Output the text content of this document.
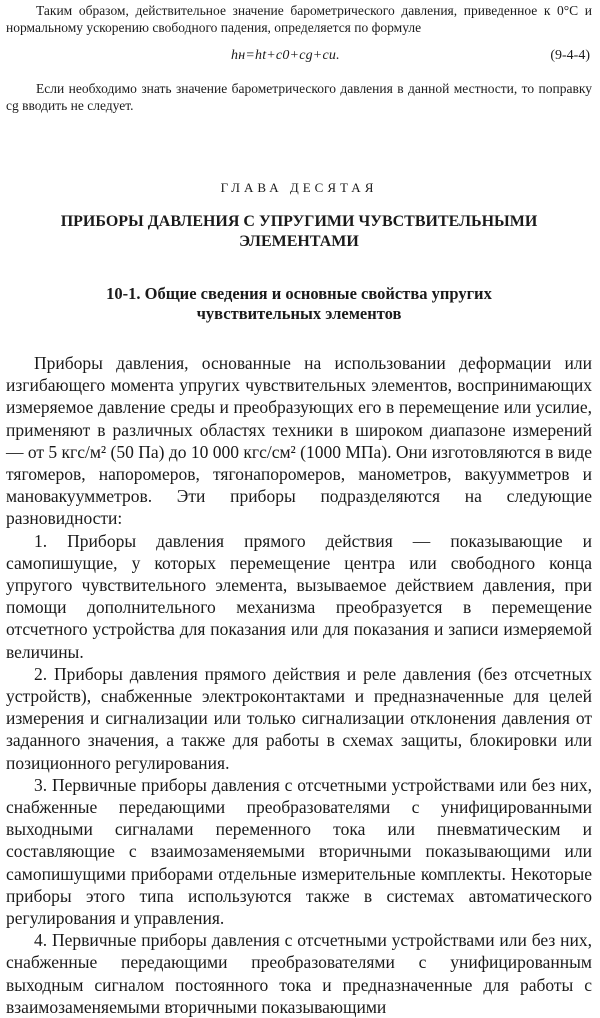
Таким образом, действительное значение барометрического давления, приведенное к 0°С и нормальному ускорению свободного падения, определяется по формуле

hн=ht+c0+cg+cи.	(9-4-4)

Если необходимо знать значение барометрического давления в данной местности, то поправку cg вводить не следует.

ГЛАВА ДЕСЯТАЯ
ПРИБОРЫ ДАВЛЕНИЯ С УПРУГИМИ ЧУВСТВИТЕЛЬНЫМИ ЭЛЕМЕНТАМИ
10-1. Общие сведения и основные свойства упругих чувствительных элементов

Приборы давления, основанные на использовании деформации или изгибающего момента упругих чувствительных элементов, воспринимающих измеряемое давление среды и преобразующих его в перемещение или усилие, применяют в различных областях техники в широком диапазоне измерений — от 5 кгс/м² (50 Па) до 10 000 кгс/см² (1000 МПа). Они изготовляются в виде тягомеров, напоромеров, тягонапоромеров, манометров, вакуумметров и мановакуумметров. Эти приборы подразделяются на следующие разновидности:

1. Приборы давления прямого действия — показывающие и самопишущие, у которых перемещение центра или свободного конца упругого чувствительного элемента, вызываемое действием давления, при помощи дополнительного механизма преобразуется в перемещение отсчетного устройства для показания или для показания и записи измеряемой величины.

2. Приборы давления прямого действия и реле давления (без отсчетных устройств), снабженные электроконтактами и предназначенные для целей измерения и сигнализации или только сигнализации отклонения давления от заданного значения, а также для работы в схемах защиты, блокировки или позиционного регулирования.

3. Первичные приборы давления с отсчетными устройствами или без них, снабженные передающими преобразователями с унифицированными выходными сигналами переменного тока или пневматическим и составляющие с взаимозаменяемыми вторичными показывающими или самопишущими приборами отдельные измерительные комплекты. Некоторые приборы этого типа используются также в системах автоматического регулирования и управления.

4. Первичные приборы давления с отсчетными устройствами или без них, снабженные передающими преобразователями с унифицированным выходным сигналом постоянного тока и предназначенные для работы с взаимозаменяемыми вторичными показывающими
